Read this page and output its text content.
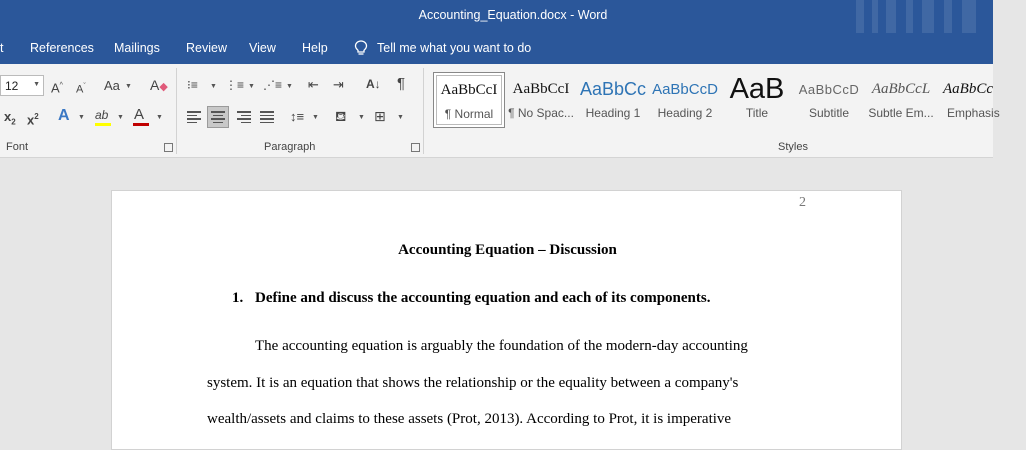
Accounting_Equation.docx - Word
t References Mailings Review View Help	Tell me what you want to do
12 ▼ A^ $A^ˇ$ Aa ▼ A◆
$x_2$ $x^2$ A ▼ ab ▼ A ▼
Font
⁝≡ ▼ ⋮≡ ▼ ⋰≡ ▼ ⇤ ⇥ A↓ ¶
↕≡ ▼ ⛾ ▼ ⊞ ▼
Paragraph
AaBbCcI
¶ Normal
AaBbCcI
¶ No Spac...
AaBbCc
Heading 1
AaBbCcD
Heading 2
AaB
Title
AaBbCcD
Subtitle
AaBbCcL
Subtle Em...
AaBbCc
Emphasis
Styles
2
Accounting Equation – Discussion
1. Define and discuss the accounting equation and each of its components.
The accounting equation is arguably the foundation of the modern-day accounting
system. It is an equation that shows the relationship or the equality between a company's
wealth/assets and claims to these assets (Prot, 2013). According to Prot, it is imperative
